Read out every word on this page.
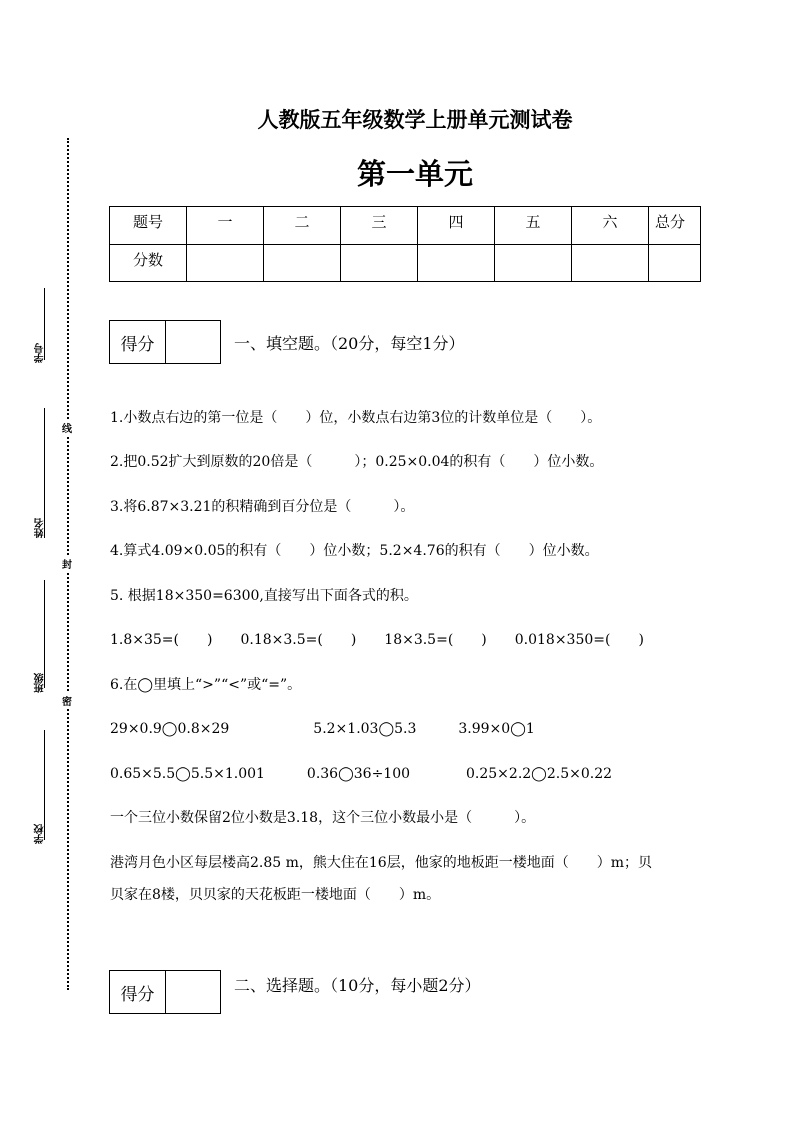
学号
姓名
班级
学校
线
封
密
人教版五年级数学上册单元测试卷
第一单元
题号	一	二	三	四	五	六	总分
分数							
得分	一、填空题。（20分，每空1分）
1.小数点右边的第一位是（　　）位，小数点右边第3位的计数单位是（　　）。
2.把0.52扩大到原数的20倍是（　　　）；0.25×0.04的积有（　　）位小数。
3.将6.87×3.21的积精确到百分位是（　　　）。
4.算式4.09×0.05的积有（　　）位小数；5.2×4.76的积有（　　）位小数。
5. 根据18×350=6300,直接写出下面各式的积。
1.8×35=(　　)　　0.18×3.5=(　　)　　18×3.5=(　　)　　0.018×350=(　　)
6.在◯里填上“>”“<”或“=”。
29×0.9◯0.8×29　　　　　　5.2×1.03◯5.3　　　3.99×0◯1
0.65×5.5◯5.5×1.001　　　0.36◯36÷100　　　　0.25×2.2◯2.5×0.22
一个三位小数保留2位小数是3.18，这个三位小数最小是（　　　）。
港湾月色小区每层楼高2.85 m，熊大住在16层，他家的地板距一楼地面（　　）m；贝
贝家在8楼，贝贝家的天花板距一楼地面（　　）m。
得分	二、选择题。（10分，每小题2分）
